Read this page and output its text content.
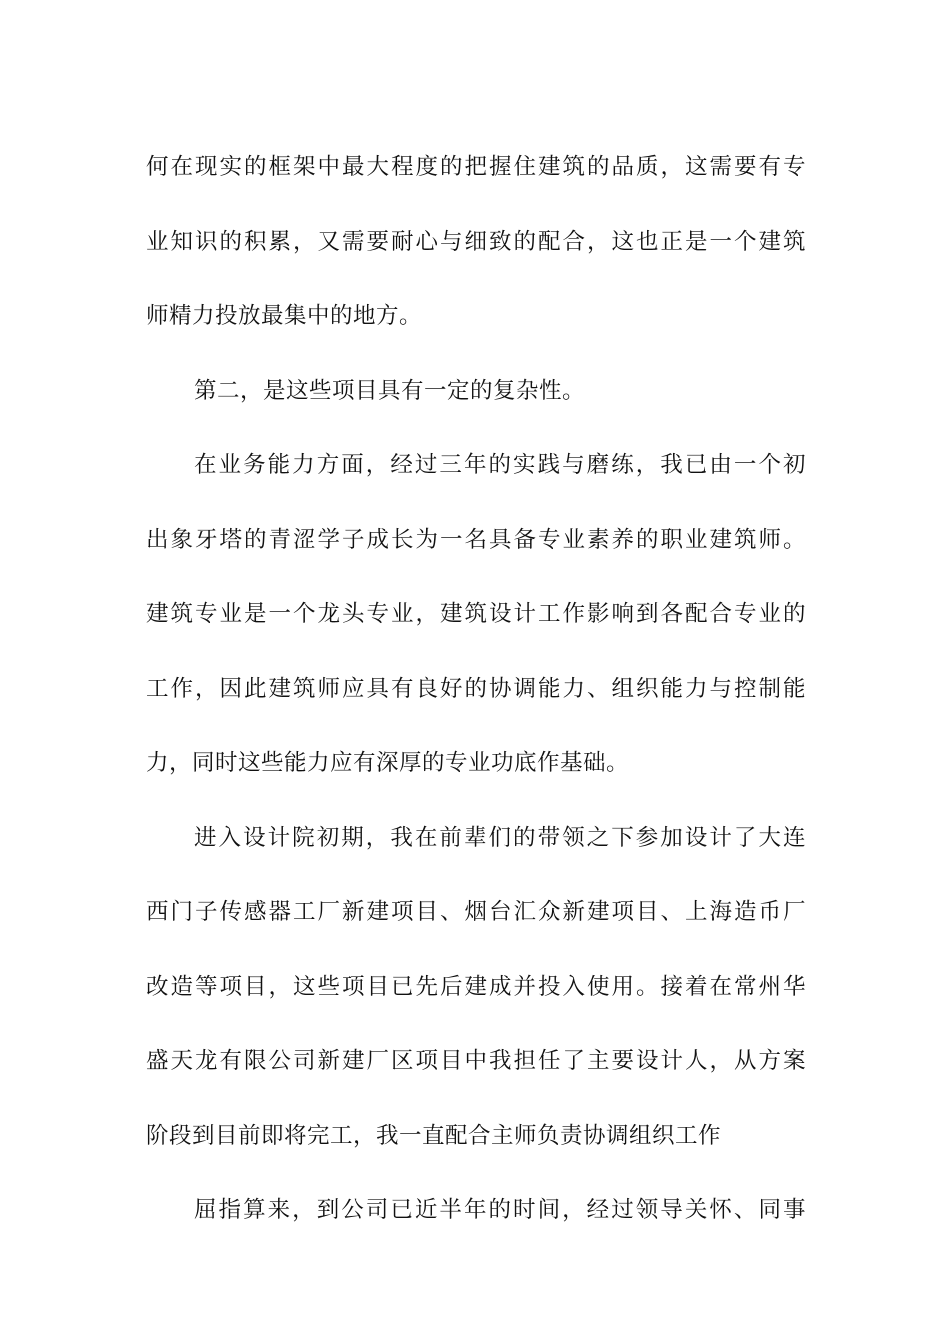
何在现实的框架中最大程度的把握住建筑的品质，这需要有专
业知识的积累，又需要耐心与细致的配合，这也正是一个建筑
师精力投放最集中的地方。
第二，是这些项目具有一定的复杂性。
在业务能力方面，经过三年的实践与磨练，我已由一个初
出象牙塔的青涩学子成长为一名具备专业素养的职业建筑师。
建筑专业是一个龙头专业，建筑设计工作影响到各配合专业的
工作，因此建筑师应具有良好的协调能力、组织能力与控制能
力，同时这些能力应有深厚的专业功底作基础。
进入设计院初期，我在前辈们的带领之下参加设计了大连
西门子传感器工厂新建项目、烟台汇众新建项目、上海造币厂
改造等项目，这些项目已先后建成并投入使用。接着在常州华
盛天龙有限公司新建厂区项目中我担任了主要设计人，从方案
阶段到目前即将完工，我一直配合主师负责协调组织工作
屈指算来，到公司已近半年的时间，经过领导关怀、同事
